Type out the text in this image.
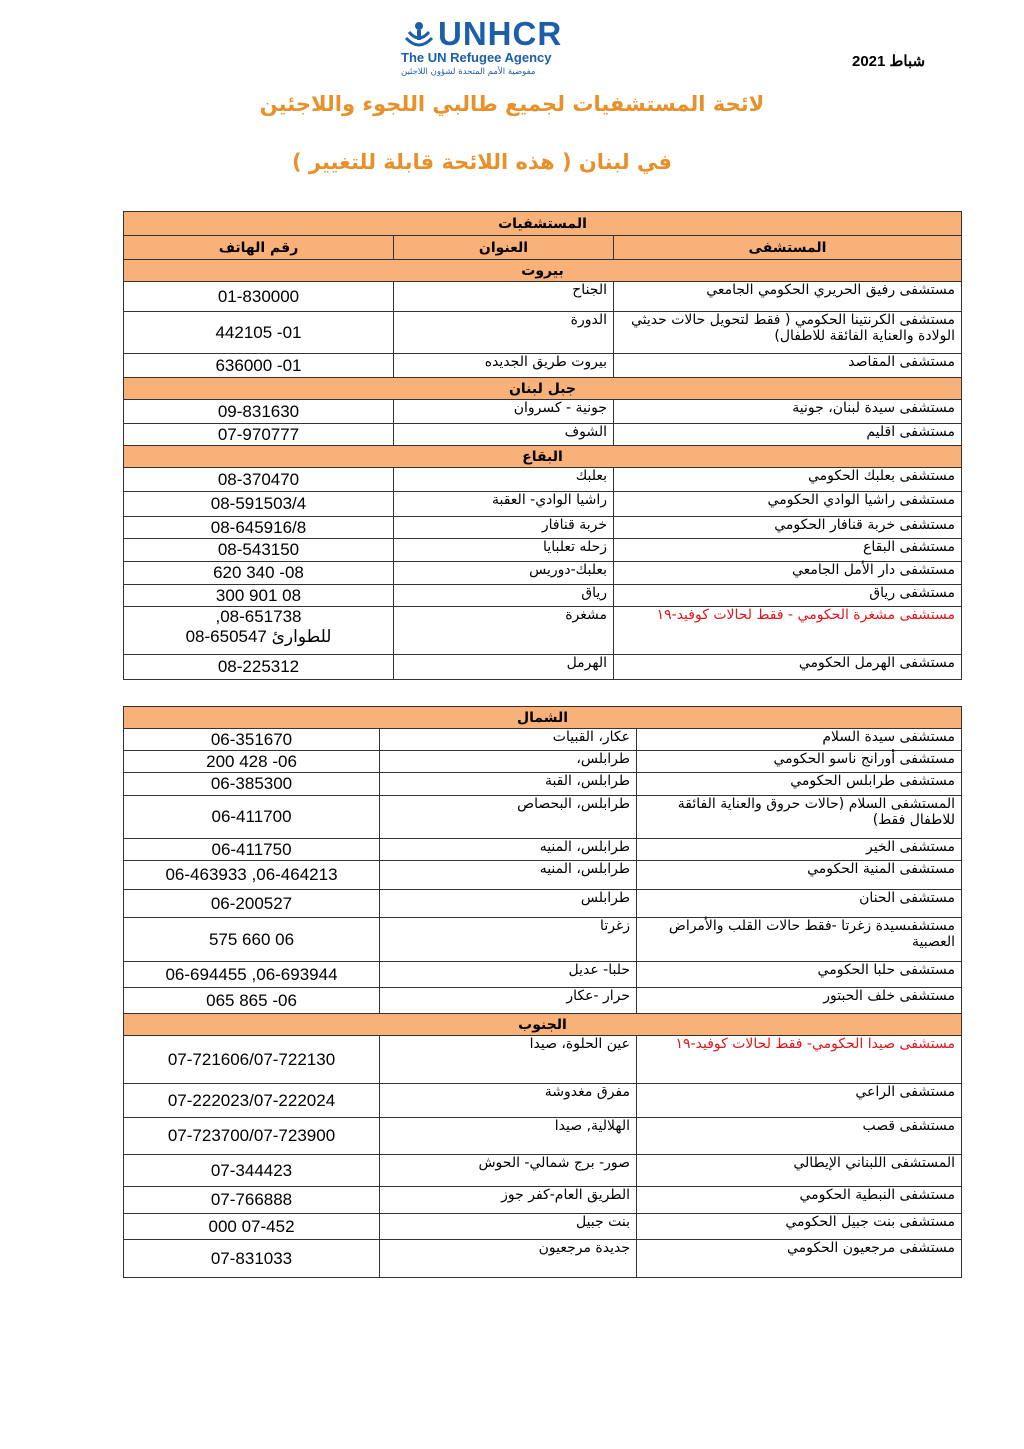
UNHCR
The UN Refugee Agency
مفوضية الأمم المتحدة لشؤون اللاجئين
شباط 2021
لائحة المستشفيات لجميع طالبي اللجوء واللاجئين
في لبنان ( هذه اللائحة قابلة للتغيير )
المستشفيات		
المستشفى	العنوان	رقم الهاتف
بيروت		
مستشفى رفيق الحريري الحكومي الجامعي	الجناح	01-830000

مستشفى الكرنتينا الحكومي ( فقط لتحويل حالات حديثي الولادة والعناية الفائقة للاطفال)	الدورة	01- 442105

مستشفى المقاصد	بيروت طريق الجديده	01- 636000

جبل لبنان		
مستشفى سيدة لبنان، جونية	جونية - كسروان	09-831630

مستشفى اقليم	الشوف	07-970777

البقاع		
مستشفى بعلبك الحكومي	بعلبك	08-370470

مستشفى راشيا الوادي الحكومي	راشيا الوادي- العقبة	08-591503/4

مستشفى خربة قنافار الحكومي	خربة قنافار	08-645916/8

مستشفى البقاع	زحله تعلبايا	08-543150

مستشفى دار الأمل الجامعي	بعلبك-دوريس	08- 340 620

مستشفى رياق	رياق	08 901 300

مستشفى مشغرة الحكومي - فقط لحالات كوفيد-١٩	مشغرة	08-651738,
08-650547 للطوارئ

مستشفى الهرمل الحكومي	الهرمل	08-225312
الشمال		
مستشفى سيدة السلام	عكار، القبيات	06-351670

مستشفى أورانج ناسو الحكومي	طرابلس،	06- 428 200

مستشفى طرابلس الحكومي	طرابلس، القبة	06-385300

المستشفى السلام (حالات حروق والعناية الفائقة للاطفال فقط)	طرابلس، البحصاص	06-411700

مستشفى الخير	طرابلس، المنيه	06-411750

مستشفى المنية الحكومي	طرابلس، المنيه	06-464213, 06-463933

مستشفى الحنان	طرابلس	06-200527

مستشفىسيدة زغرتا -فقط حالات القلب والأمراض العصبية	زغرتا	06 660 575

مستشفى حلبا الحكومي	حلبا- عديل	06-693944, 06-694455

مستشفى خلف الحبتور	حرار -عكار	06- 865 065

الجنوب		
مستشفى صيدا الحكومي- فقط لحالات كوفيد-١٩	عين الحلوة، صيدا	07-721606/07-722130

مستشفى الراعي	مفرق مغدوشة	07-222023/07-222024

مستشفى قصب	الهلالية, صيدا	07-723700/07-723900

المستشفى اللبناني الإيطالي	صور- برج شمالي- الحوش	07-344423

مستشفى النبطية الحكومي	الطريق العام-كفر جوز	07-766888

مستشفى بنت جبيل الحكومي	بنت جبيل	07-452 000

مستشفى مرجعيون الحكومي	جديدة مرجعيون	07-831033
